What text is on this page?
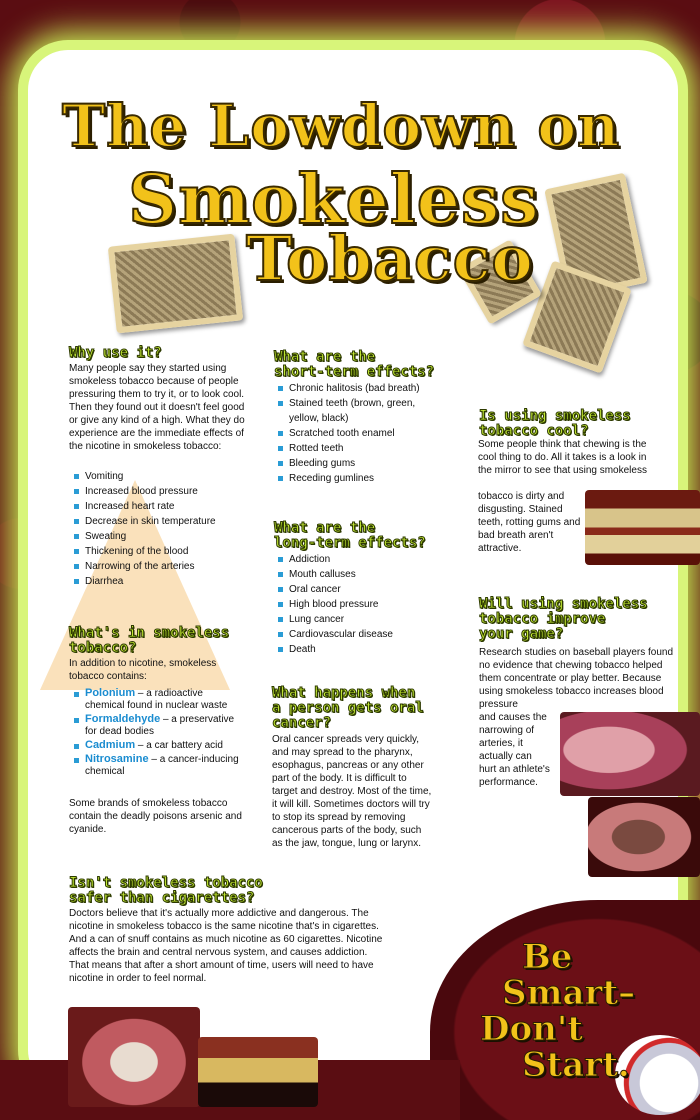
The Lowdown on
Smokeless
Tobacco
Why use it?

Many people say they started using smokeless tobacco because of people pressuring them to try it, or to look cool. Then they found out it doesn't feel good or give any kind of a high. What they do experience are the immediate effects of the nicotine in smokeless tobacco:

Vomiting
Increased blood pressure
Increased heart rate
Decrease in skin temperature
Sweating
Thickening of the blood
Narrowing of the arteries
Diarrhea
What's in smokeless
tobacco?

In addition to nicotine, smokeless tobacco contains:

Polonium – a radioactive chemical found in nuclear waste
Formaldehyde – a preservative for dead bodies
Cadmium – a car battery acid
Nitrosamine – a cancer-inducing chemical

Some brands of smokeless tobacco contain the deadly poisons arsenic and cyanide.

What are the
short-term effects?
Chronic halitosis (bad breath)
Stained teeth (brown, green, yellow, black)
Scratched tooth enamel
Rotted teeth
Bleeding gums
Receding gumlines
What are the
long-term effects?
Addiction
Mouth calluses
Oral cancer
High blood pressure
Lung cancer
Cardiovascular disease
Death
What happens when
a person gets oral
cancer?

Oral cancer spreads very quickly, and may spread to the pharynx, esophagus, pancreas or any other part of the body. It is difficult to target and destroy. Most of the time, it will kill. Sometimes doctors will try to stop its spread by removing cancerous parts of the body, such as the jaw, tongue, lung or larynx.

Is using smokeless
tobacco cool?

Some people think that chewing is the cool thing to do. All it takes is a look in the mirror to see that using smokeless

tobacco is dirty and disgusting. Stained teeth, rotting gums and bad breath aren't attractive.

Will using smokeless
tobacco improve
your game?

Research studies on baseball players found no evidence that chewing tobacco helped them concentrate or play better. Because using smokeless tobacco increases blood pressure

and causes the narrowing of arteries, it actually can hurt an athlete's performance.

Isn't smokeless tobacco
safer than cigarettes?

Doctors believe that it's actually more addictive and dangerous. The nicotine in smokeless tobacco is the same nicotine that's in cigarettes. And a can of snuff contains as much nicotine as 60 cigarettes. Nicotine affects the brain and central nervous system, and causes addiction. That means that after a short amount of time, users will need to have nicotine in order to feel normal.

Be
Smart–
Don't
Start.
